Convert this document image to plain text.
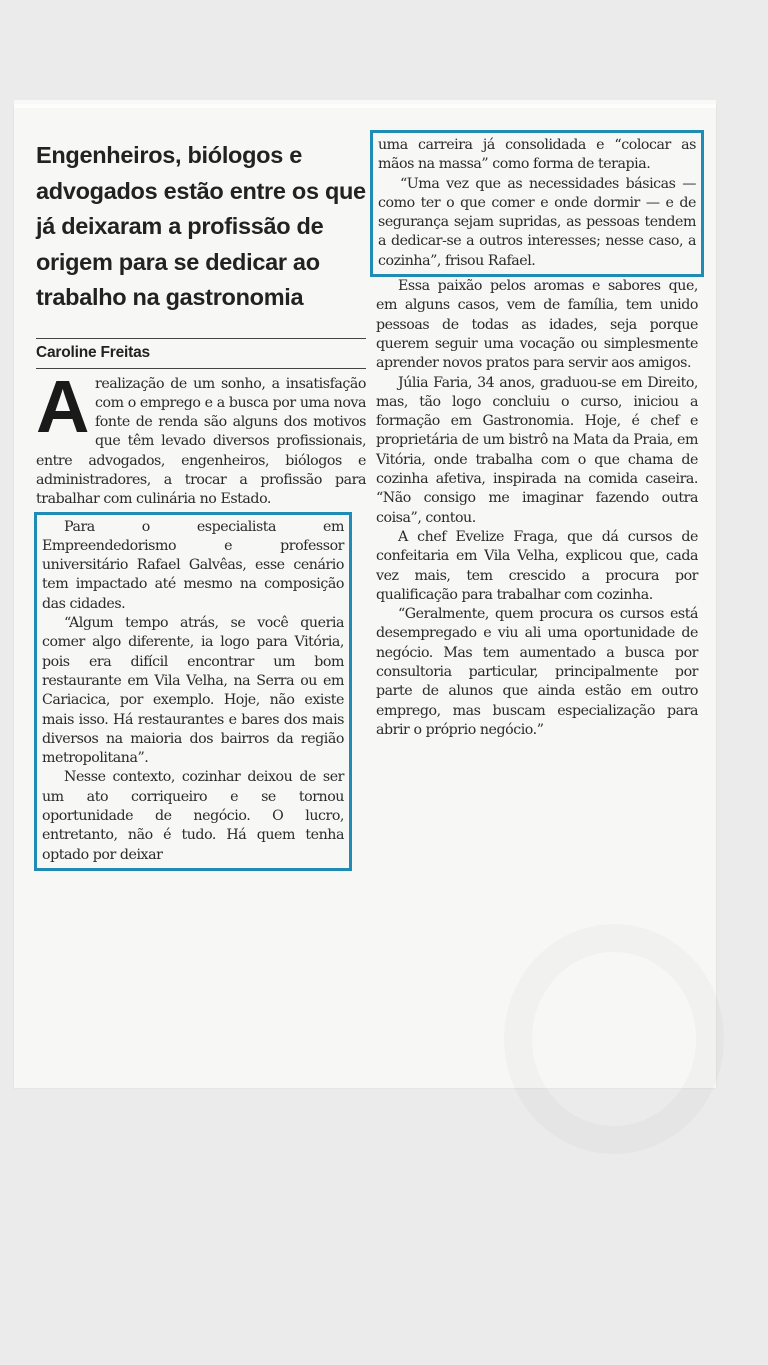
Engenheiros, biólogos e advogados estão entre os que já deixaram a profissão de origem para se dedicar ao trabalho na gastronomia
Caroline Freitas

Arealização de um sonho, a insatisfação com o emprego e a busca por uma nova fonte de renda são alguns dos motivos que têm levado diversos profissionais, entre advogados, engenheiros, biólogos e administradores, a trocar a profissão para trabalhar com culinária no Estado.

Para o especialista em Empreendedorismo e professor universitário Rafael Galvêas, esse cenário tem impactado até mesmo na composição das cidades.
“Algum tempo atrás, se você queria comer algo diferente, ia logo para Vitória, pois era difícil encontrar um bom restaurante em Vila Velha, na Serra ou em Cariacica, por exemplo. Hoje, não existe mais isso. Há restaurantes e bares dos mais diversos na maioria dos bairros da região metropolitana”.
Nesse contexto, cozinhar deixou de ser um ato corriqueiro e se tornou oportunidade de negócio. O lucro, entretanto, não é tudo. Há quem tenha optado por deixar

uma carreira já consolidada e “colocar as mãos na massa” como forma de terapia.
“Uma vez que as necessidades básicas — como ter o que comer e onde dormir — e de segurança sejam supridas, as pessoas tendem a dedicar-se a outros interesses; nesse caso, a cozinha”, frisou Rafael.

Essa paixão pelos aromas e sabores que, em alguns casos, vem de família, tem unido pessoas de todas as idades, seja porque querem seguir uma vocação ou simplesmente aprender novos pratos para servir aos amigos.
Júlia Faria, 34 anos, graduou-se em Direito, mas, tão logo concluiu o curso, iniciou a formação em Gastronomia. Hoje, é chef e proprietária de um bistrô na Mata da Praia, em Vitória, onde trabalha com o que chama de cozinha afetiva, inspirada na comida caseira. “Não consigo me imaginar fazendo outra coisa”, contou.
A chef Evelize Fraga, que dá cursos de confeitaria em Vila Velha, explicou que, cada vez mais, tem crescido a procura por qualificação para trabalhar com cozinha.
“Geralmente, quem procura os cursos está desempregado e viu ali uma oportunidade de negócio. Mas tem aumentado a busca por consultoria particular, principalmente por parte de alunos que ainda estão em outro emprego, mas buscam especialização para abrir o próprio negócio.”
